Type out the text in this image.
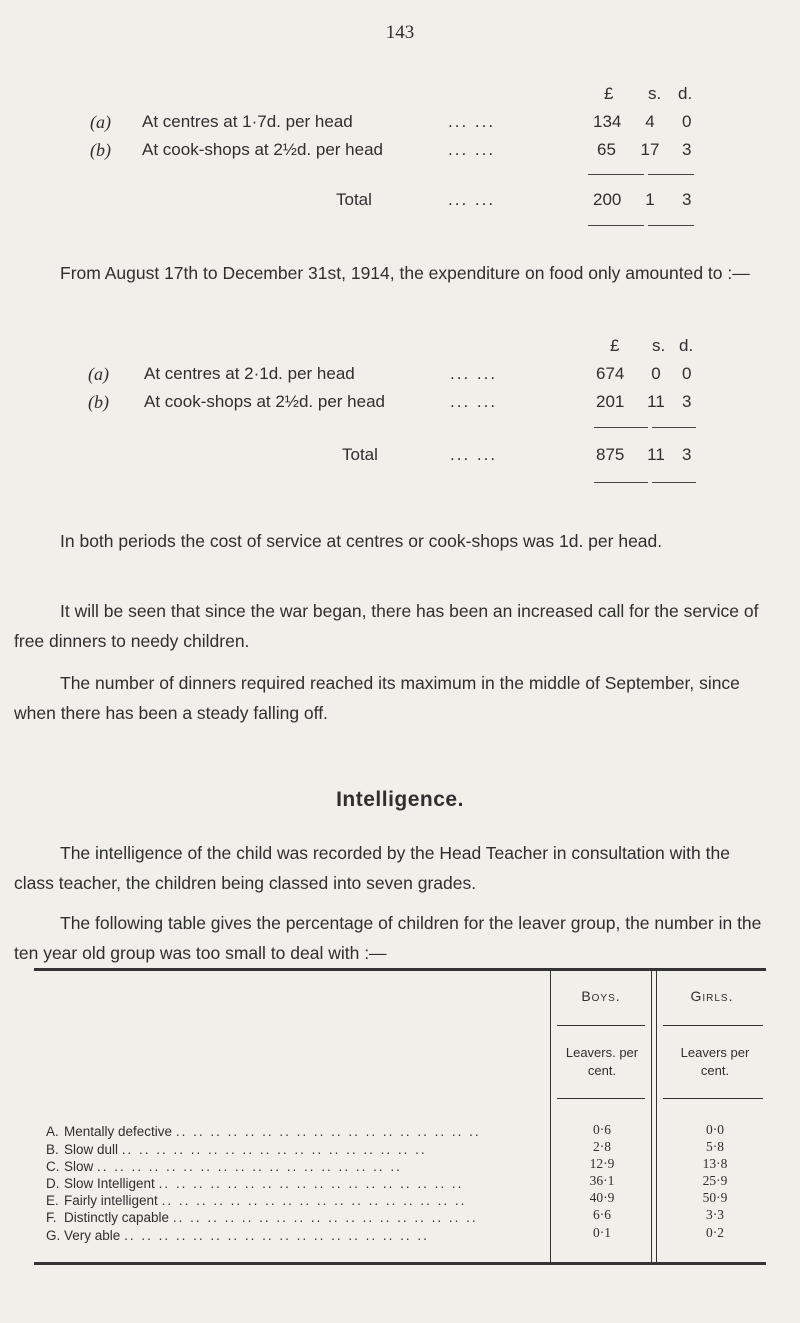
143
£ s. d.
(a) At centres at 1·7d. per head	... ...	134	4	0
(b) At cook-shops at 2½d. per head	... ...	65	17	3
Total	... ...	200	1	3
From August 17th to December 31st, 1914, the expenditure on food only amounted to :—
£ s. d.
(a) At centres at 2·1d. per head	... ...	674	0	0
(b) At cook-shops at 2½d. per head	... ...	201	11	3
Total	... ...	875	11	3
In both periods the cost of service at centres or cook-shops was 1d. per head.
It will be seen that since the war began, there has been an increased call for the service of free dinners to needy children.
The number of dinners required reached its maximum in the middle of September, since when there has been a steady falling off.
Intelligence.
The intelligence of the child was recorded by the Head Teacher in consultation with the class teacher, the children being classed into seven grades.
The following table gives the percentage of children for the leaver group, the number in the ten year old group was too small to deal with :—
Boys.	Girls.
Leavers. per cent.
Leavers per cent.
A. Mentally defective .. .. .. .. .. .. .. .. .. .. .. .. .. .. .. .. .. ..	0·6	0·0
B. Slow dull .. .. .. .. .. .. .. .. .. .. .. .. .. .. .. .. .. ..	2·8	5·8
C. Slow .. .. .. .. .. .. .. .. .. .. .. .. .. .. .. .. .. ..	12·9	13·8
D. Slow Intelligent .. .. .. .. .. .. .. .. .. .. .. .. .. .. .. .. .. ..	36·1	25·9
E. Fairly intelligent .. .. .. .. .. .. .. .. .. .. .. .. .. .. .. .. .. ..	40·9	50·9
F. Distinctly capable .. .. .. .. .. .. .. .. .. .. .. .. .. .. .. .. .. ..	6·6	3·3
G. Very able .. .. .. .. .. .. .. .. .. .. .. .. .. .. .. .. .. ..	0·1	0·2
